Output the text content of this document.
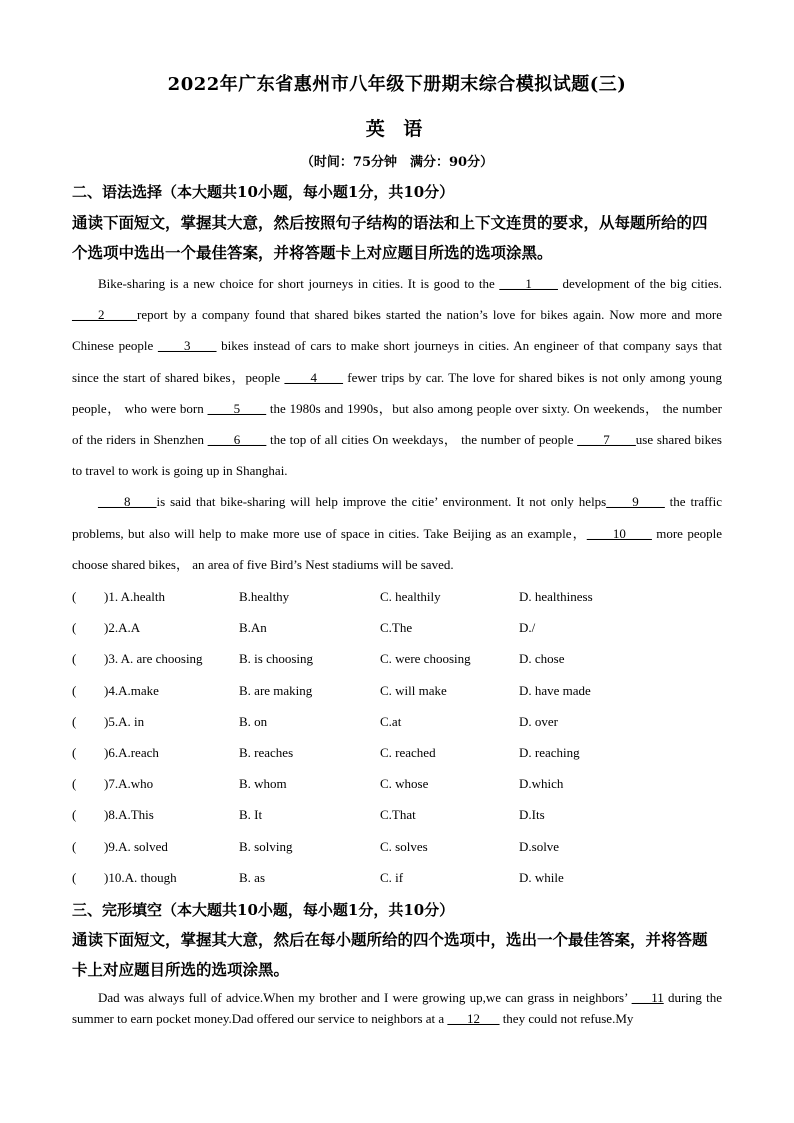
2022年广东省惠州市八年级下册期末综合模拟试题(三)
英 语
（时间：75分钟　满分：90分）
二、语法选择（本大题共10小题，每小题1分，共10分）
通读下面短文，掌握其大意，然后按照句子结构的语法和上下文连贯的要求，从每题所给的四个选项中选出一个最佳答案，并将答题卡上对应题目所选的选项涂黑。

Bike-sharing is a new choice for short journeys in cities. It is good to the ____1____ development of the big cities. ____2_____report by a company found that shared bikes started the nation’s love for bikes again. Now more and more Chinese people ____3____ bikes instead of cars to make short journeys in cities. An engineer of that company says that since the start of shared bikes，people ____4____ fewer trips by car. The love for shared bikes is not only among young people， who were born ____5____ the 1980s and 1990s，but also among people over sixty. On weekends， the number of the riders in Shenzhen ____6____ the top of all cities On weekdays， the number of people ____7____use shared bikes to travel to work is going up in Shanghai.

____8____is said that bike-sharing will help improve the citie’ environment. It not only helps____9____ the traffic problems, but also will help to make more use of space in cities. Take Beijing as an example，____10____ more people choose shared bikes， an area of five Bird’s Nest stadiums will be saved.

( )1. A.health	B.healthy	C. healthily	D. healthiness
( )2.A.A	B.An	C.The	D./
( )3. A. are choosing	B. is choosing	C. were choosing	D. chose
( )4.A.make	B. are making	C. will make	D. have made
( )5.A. in	B. on	C.at	D. over
( )6.A.reach	B. reaches	C. reached	D. reaching
( )7.A.who	B. whom	C. whose	D.which
( )8.A.This	B. It	C.That	D.Its
( )9.A. solved	B. solving	C. solves	D.solve
( )10.A. though	B. as	C. if	D. while
三、完形填空（本大题共10小题，每小题1分，共10分）
通读下面短文，掌握其大意，然后在每小题所给的四个选项中，选出一个最佳答案，并将答题卡上对应题目所选的选项涂黑。

Dad was always full of advice.When my brother and I were growing up,we can grass in neighbors’ ___11 during the summer to earn pocket money.Dad offered our service to neighbors at a ___12___ they could not refuse.My
